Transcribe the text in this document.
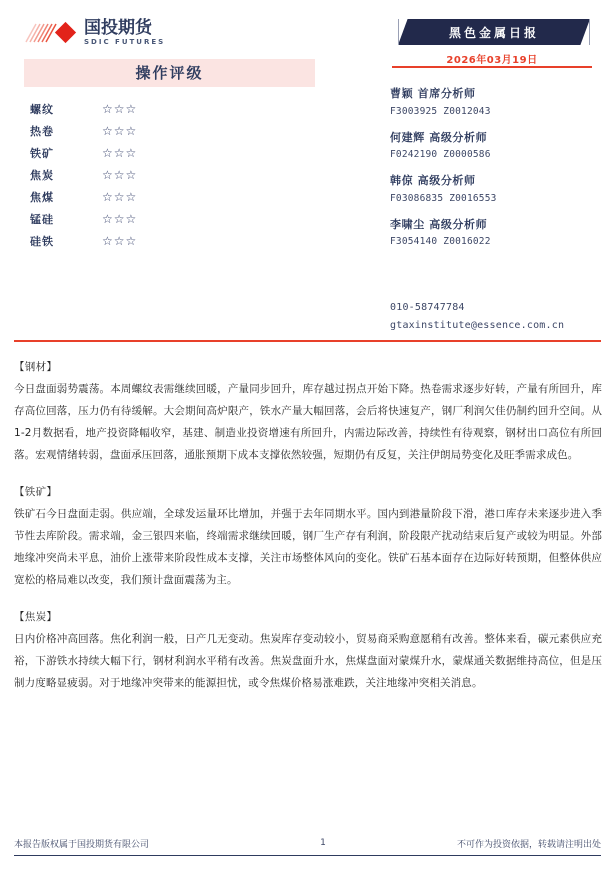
国投期货
SDIC FUTURES
操作评级
螺纹	☆☆☆
热卷	☆☆☆
铁矿	☆☆☆
焦炭	☆☆☆
焦煤	☆☆☆
锰硅	☆☆☆
硅铁	☆☆☆
黑色金属日报
2026年03月19日
曹颖 首席分析师
F3003925 Z0012043
何建辉 高级分析师
F0242190 Z0000586
韩倞 高级分析师
F03086835 Z0016553
李啸尘 高级分析师
F3054140 Z0016022
010-58747784
gtaxinstitute@essence.com.cn
【钢材】
今日盘面弱势震荡。本周螺纹表需继续回暖，产量同步回升，库存越过拐点开始下降。热卷需求逐步好转，产量有所回升，库存高位回落，压力仍有待缓解。大会期间高炉限产，铁水产量大幅回落，会后将快速复产，钢厂利润欠佳仍制约回升空间。从1-2月数据看，地产投资降幅收窄，基建、制造业投资增速有所回升，内需边际改善，持续性有待观察，钢材出口高位有所回落。宏观情绪转弱，盘面承压回落，通胀预期下成本支撑依然较强，短期仍有反复，关注伊朗局势变化及旺季需求成色。
【铁矿】
铁矿石今日盘面走弱。供应端，全球发运量环比增加，并强于去年同期水平。国内到港量阶段下滑，港口库存未来逐步进入季节性去库阶段。需求端，金三银四来临，终端需求继续回暖，钢厂生产存有利润，阶段限产扰动结束后复产或较为明显。外部地缘冲突尚未平息，油价上涨带来阶段性成本支撑，关注市场整体风向的变化。铁矿石基本面存在边际好转预期，但整体供应宽松的格局难以改变，我们预计盘面震荡为主。
【焦炭】
日内价格冲高回落。焦化利润一般，日产几无变动。焦炭库存变动较小，贸易商采购意愿稍有改善。整体来看，碳元素供应充裕，下游铁水持续大幅下行，钢材利润水平稍有改善。焦炭盘面升水，焦煤盘面对蒙煤升水，蒙煤通关数据维持高位，但是压制力度略显疲弱。对于地缘冲突带来的能源担忧，或令焦煤价格易涨难跌，关注地缘冲突相关消息。
本报告版权属于国投期货有限公司	1	不可作为投资依据，转载请注明出处
